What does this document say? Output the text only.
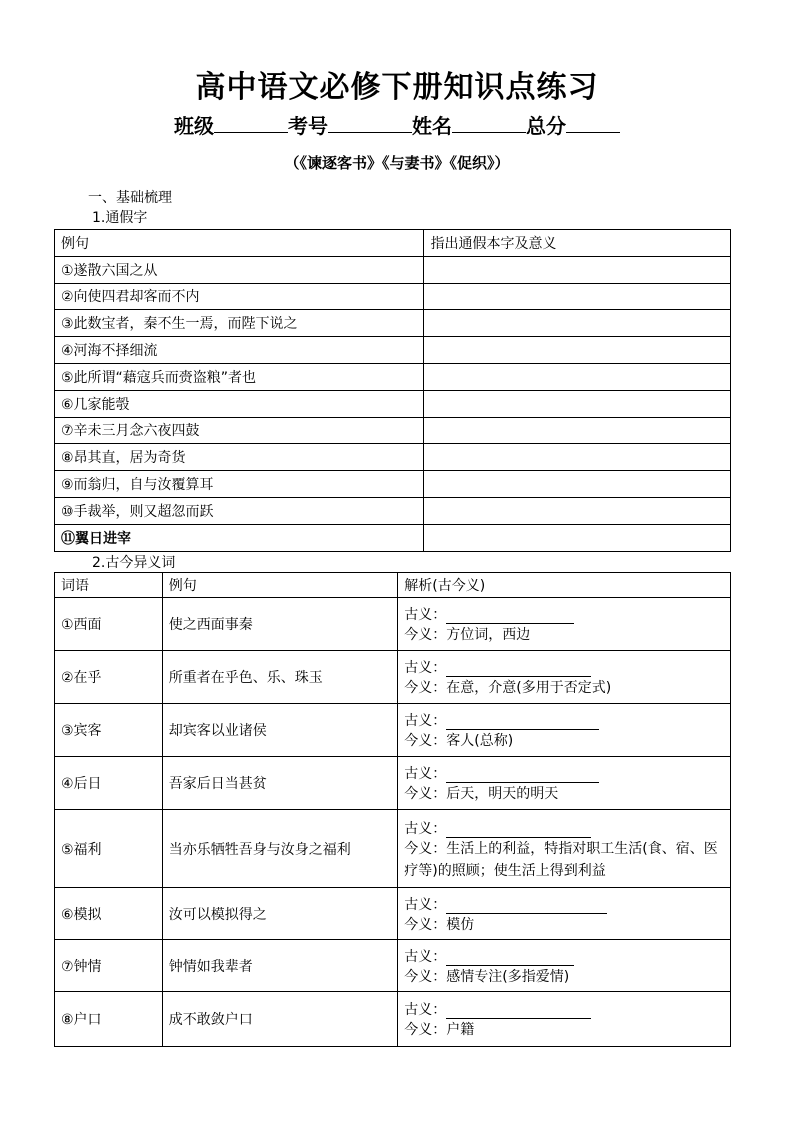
高中语文必修下册知识点练习
班级	考号	姓名	总分
（《谏逐客书》《与妻书》《促织》）
一、基础梳理
1.通假字
例句	指出通假本字及意义
①遂散六国之从	
②向使四君却客而不内	
③此数宝者，秦不生一焉，而陛下说之	
④河海不择细流	
⑤此所谓“藉寇兵而赍盗粮”者也	
⑥几家能彀	
⑦辛未三月念六夜四鼓	
⑧昂其直，居为奇货	
⑨而翁归，自与汝覆算耳	
⑩手裁举，则又超忽而跃	
⑪翼日进宰	
2.古今异义词
词语	例句	解析(古今义)
①西面	使之西面事秦	古义：
今义：方位词，西边

②在乎	所重者在乎色、乐、珠玉	古义：
今义：在意，介意(多用于否定式)

③宾客	却宾客以业诸侯	古义：
今义：客人(总称)

④后日	吾家后日当甚贫	古义：
今义：后天，明天的明天

⑤福利	当亦乐牺牲吾身与汝身之福利	古义：
今义：生活上的利益，特指对职工生活(食、宿、医疗等)的照顾；使生活上得到利益

⑥模拟	汝可以模拟得之	古义：
今义：模仿

⑦钟情	钟情如我辈者	古义：
今义：感情专注(多指爱情)

⑧户口	成不敢敛户口	古义：
今义：户籍
